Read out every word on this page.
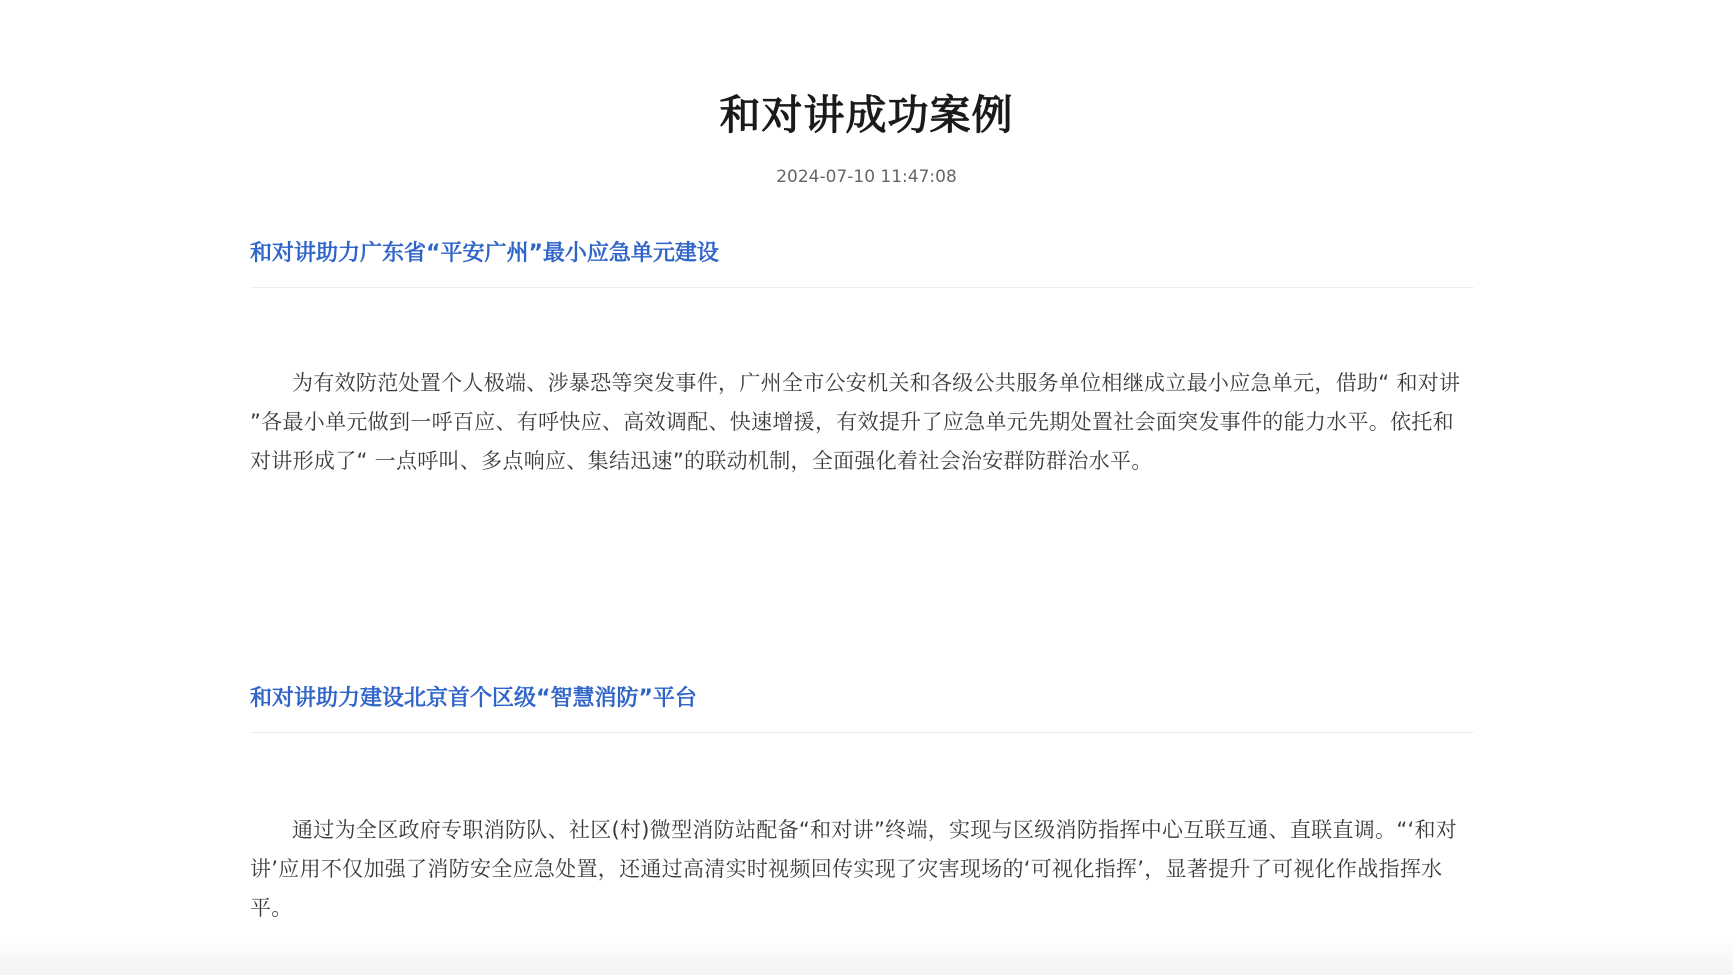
和对讲成功案例
2024-07-10 11:47:08
和对讲助力广东省“平安广州”最小应急单元建设

为有效防范处置个人极端、涉暴恐等突发事件，广州全市公安机关和各级公共服务单位相继成立最小应急单元，借助“ 和对讲 ”各最小单元做到一呼百应、有呼快应、高效调配、快速增援，有效提升了应急单元先期处置社会面突发事件的能力水平。依托和对讲形成了“ 一点呼叫、多点响应、集结迅速”的联动机制，全面强化着社会治安群防群治水平。

和对讲助力建设北京首个区级“智慧消防”平台

通过为全区政府专职消防队、社区(村)微型消防站配备“和对讲”终端，实现与区级消防指挥中心互联互通、直联直调。“‘和对讲’应用不仅加强了消防安全应急处置，还通过高清实时视频回传实现了灾害现场的‘可视化指挥’，显著提升了可视化作战指挥水平。
